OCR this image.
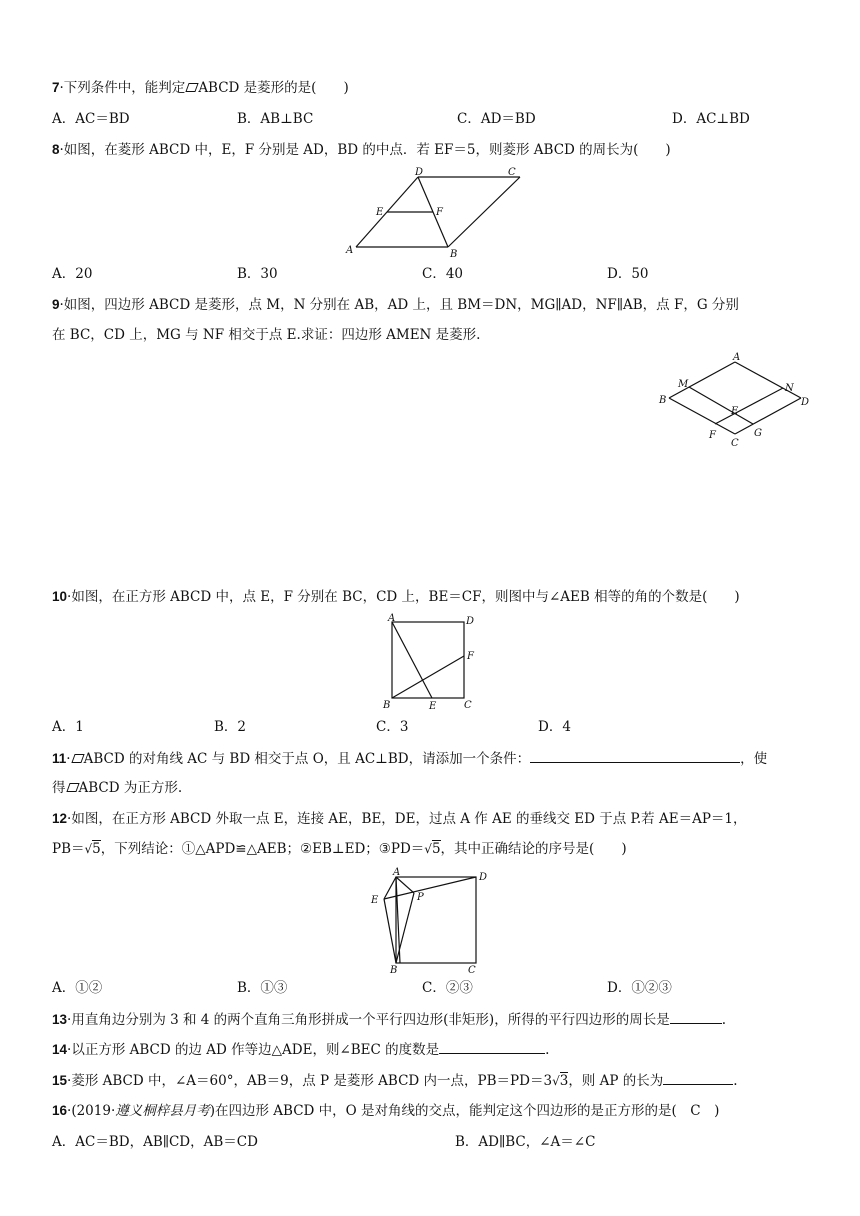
7·下列条件中，能判定 ABCD 是菱形的是(　　)
A．AC＝BD	B．AB⊥BC	C．AD＝BD	D．AC⊥BD
8·如图，在菱形 ABCD 中，E，F 分别是 AD，BD 的中点．若 EF＝5，则菱形 ABCD 的周长为(　　)
D	C
E	F
A	B
A．20	B．30	C．40	D．50
9·如图，四边形 ABCD 是菱形，点 M，N 分别在 AB，AD 上，且 BM＝DN，MG∥AD，NF∥AB，点 F，G 分别
在 BC，CD 上，MG 与 NF 相交于点 E.求证：四边形 AMEN 是菱形.
A
M	N
B	D
E
F	G
C
10·如图，在正方形 ABCD 中，点 E，F 分别在 BC，CD 上，BE＝CF，则图中与∠AEB 相等的角的个数是(　　)
A	D
F
B	E	C
A．1	B．2	C．3	D．4
11· ABCD 的对角线 AC 与 BD 相交于点 O，且 AC⊥BD，请添加一个条件：	，使
得 ABCD 为正方形.
12·如图，在正方形 ABCD 外取一点 E，连接 AE，BE，DE，过点 A 作 AE 的垂线交 ED 于点 P.若 AE＝AP＝1，
PB＝√5，下列结论：①△APD≌△AEB；②EB⊥ED；③PD＝√5，其中正确结论的序号是(　　)
A	D
E	P
B	C
A．①②	B．①③	C．②③	D．①②③
13·用直角边分别为 3 和 4 的两个直角三角形拼成一个平行四边形(非矩形)，所得的平行四边形的周长是	.
14·以正方形 ABCD 的边 AD 作等边△ADE，则∠BEC 的度数是	.
15·菱形 ABCD 中，∠A＝60°，AB＝9，点 P 是菱形 ABCD 内一点，PB＝PD＝3√3，则 AP 的长为	.
16·(2019·遵义桐梓县月考)在四边形 ABCD 中，O 是对角线的交点，能判定这个四边形的是正方形的是(　C　)
A．AC＝BD，AB∥CD，AB＝CD	B．AD∥BC，∠A＝∠C
